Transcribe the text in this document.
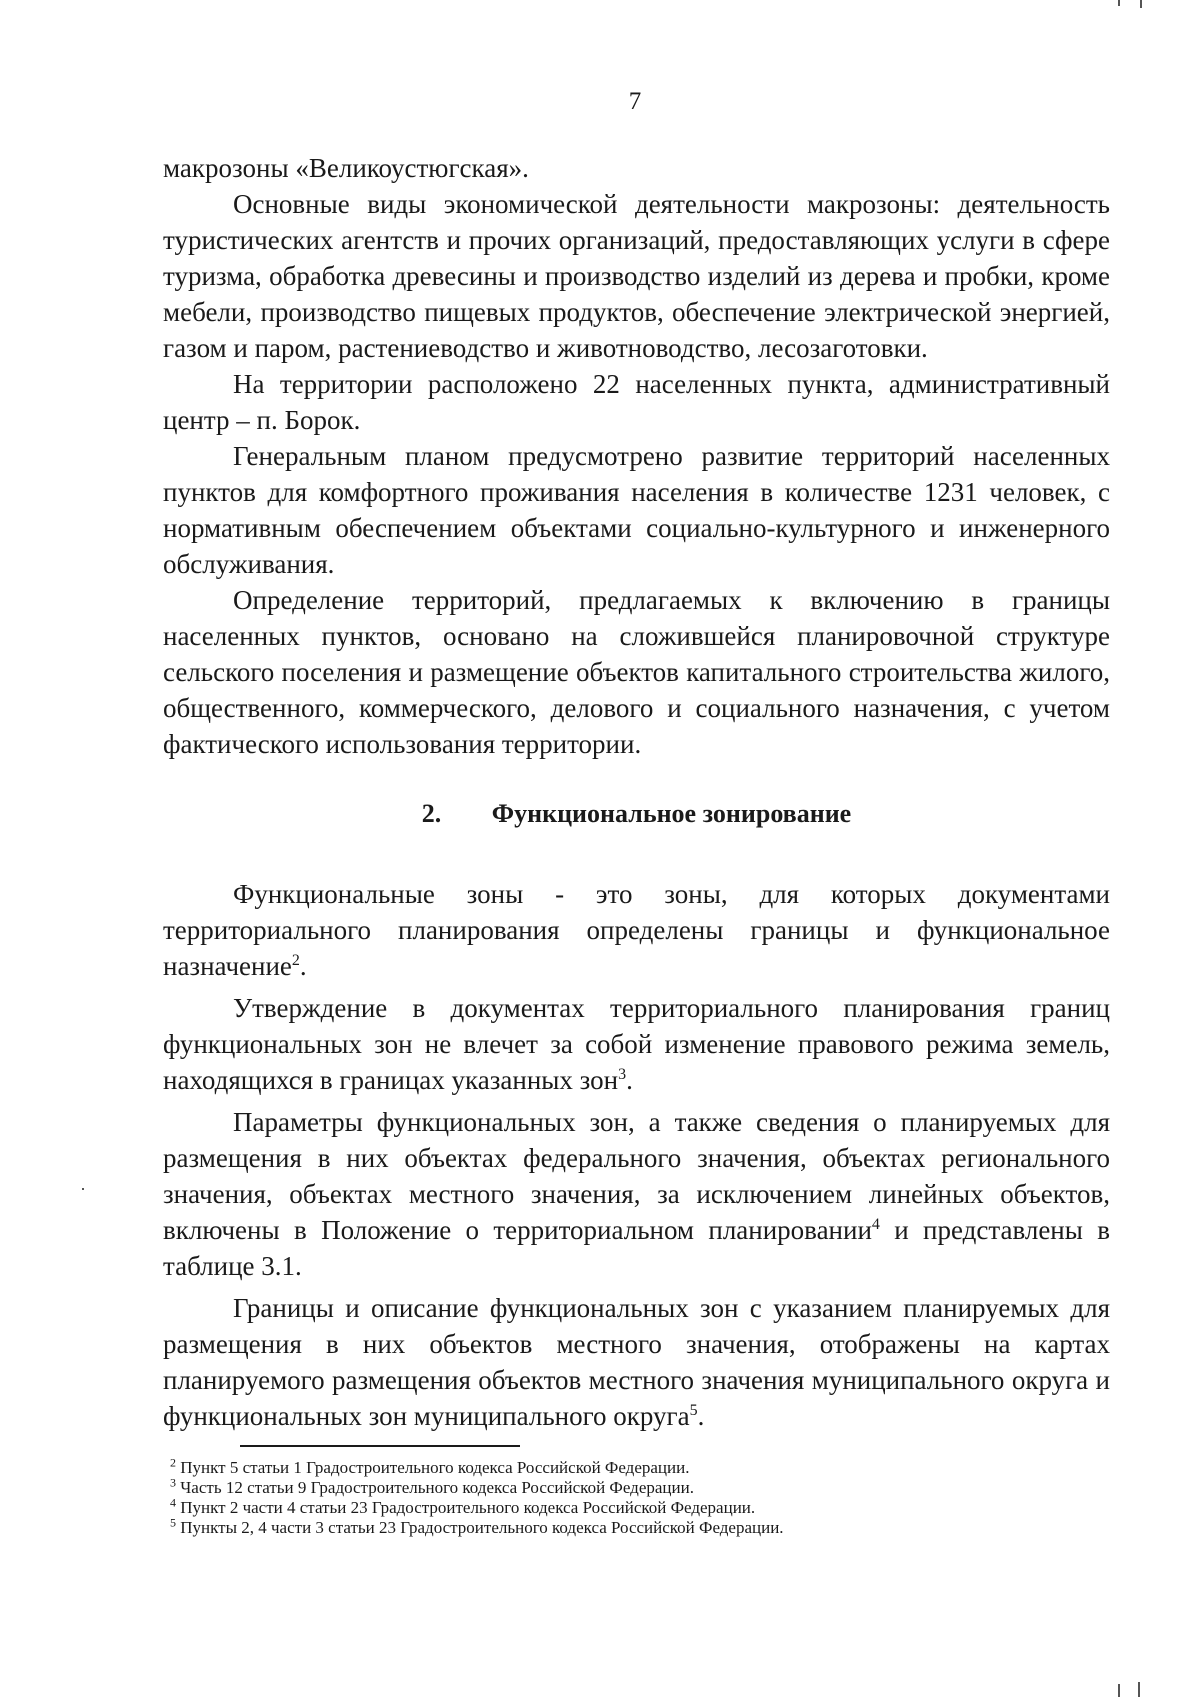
7

макрозоны «Великоустюгская».

Основные виды экономической деятельности макрозоны: деятельность туристических агентств и прочих организаций, предоставляющих услуги в сфере туризма, обработка древесины и производство изделий из дерева и пробки, кроме мебели, производство пищевых продуктов, обеспечение электрической энергией, газом и паром, растениеводство и животноводство, лесозаготовки.

На территории расположено 22 населенных пункта, административный центр – п. Борок.

Генеральным планом предусмотрено развитие территорий населенных пунктов для комфортного проживания населения в количестве 1231 человек, с нормативным обеспечением объектами социально-культурного и инженерного обслуживания.

Определение территорий, предлагаемых к включению в границы населенных пунктов, основано на сложившейся планировочной структуре сельского поселения и размещение объектов капитального строительства жилого, общественного, коммерческого, делового и социального назначения, с учетом фактического использования территории.

2. Функциональное зонирование

Функциональные зоны - это зоны, для которых документами территориального планирования определены границы и функциональное назначение$^2$.

Утверждение в документах территориального планирования границ функциональных зон не влечет за собой изменение правового режима земель, находящихся в границах указанных зон$^3$.

Параметры функциональных зон, а также сведения о планируемых для размещения в них объектах федерального значения, объектах регионального значения, объектах местного значения, за исключением линейных объектов, включены в Положение о территориальном планировании$^4$ и представлены в таблице 3.1.

Границы и описание функциональных зон с указанием планируемых для размещения в них объектов местного значения, отображены на картах планируемого размещения объектов местного значения муниципального округа и функциональных зон муниципального округа$^5$.

$^2$ Пункт 5 статьи 1 Градостроительного кодекса Российской Федерации.
$^3$ Часть 12 статьи 9 Градостроительного кодекса Российской Федерации.
$^4$ Пункт 2 части 4 статьи 23 Градостроительного кодекса Российской Федерации.
$^5$ Пункты 2, 4 части 3 статьи 23 Градостроительного кодекса Российской Федерации.
